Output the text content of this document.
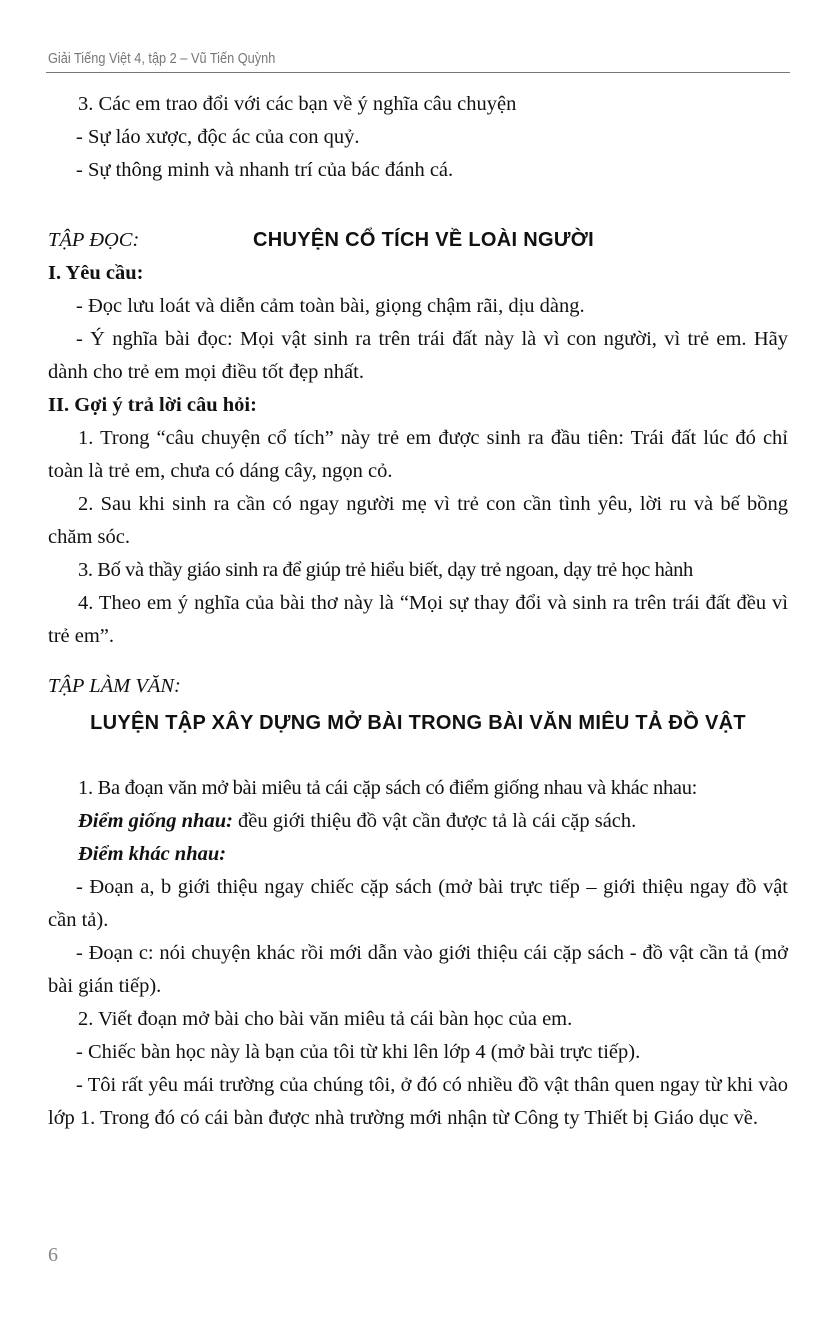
Giải Tiếng Việt 4, tập 2 – Vũ Tiến Quỳnh

3. Các em trao đổi với các bạn về ý nghĩa câu chuyện

- Sự láo xược, độc ác của con quỷ.

- Sự thông minh và nhanh trí của bác đánh cá.

TẬP ĐỌC:	CHUYỆN CỔ TÍCH VỀ LOÀI NGƯỜI

I. Yêu cầu:

- Đọc lưu loát và diễn cảm toàn bài, giọng chậm rãi, dịu dàng.

- Ý nghĩa bài đọc: Mọi vật sinh ra trên trái đất này là vì con người, vì trẻ em. Hãy dành cho trẻ em mọi điều tốt đẹp nhất.

II. Gợi ý trả lời câu hỏi:

1. Trong “câu chuyện cổ tích” này trẻ em được sinh ra đầu tiên: Trái đất lúc đó chỉ toàn là trẻ em, chưa có dáng cây, ngọn cỏ.

2. Sau khi sinh ra cần có ngay người mẹ vì trẻ con cần tình yêu, lời ru và bế bồng chăm sóc.

3. Bố và thầy giáo sinh ra để giúp trẻ hiểu biết, dạy trẻ ngoan, dạy trẻ học hành

4. Theo em ý nghĩa của bài thơ này là “Mọi sự thay đổi và sinh ra trên trái đất đều vì trẻ em”.

TẬP LÀM VĂN:

LUYỆN TẬP XÂY DỰNG MỞ BÀI TRONG BÀI VĂN MIÊU TẢ ĐỒ VẬT

1. Ba đoạn văn mở bài miêu tả cái cặp sách có điểm giống nhau và khác nhau:

Điểm giống nhau: đều giới thiệu đồ vật cần được tả là cái cặp sách.

Điểm khác nhau:

- Đoạn a, b giới thiệu ngay chiếc cặp sách (mở bài trực tiếp – giới thiệu ngay đồ vật cần tả).

- Đoạn c: nói chuyện khác rồi mới dẫn vào giới thiệu cái cặp sách - đồ vật cần tả (mở bài gián tiếp).

2. Viết đoạn mở bài cho bài văn miêu tả cái bàn học của em.

- Chiếc bàn học này là bạn của tôi từ khi lên lớp 4 (mở bài trực tiếp).

- Tôi rất yêu mái trường của chúng tôi, ở đó có nhiều đồ vật thân quen ngay từ khi vào lớp 1. Trong đó có cái bàn được nhà trường mới nhận từ Công ty Thiết bị Giáo dục về.

6
